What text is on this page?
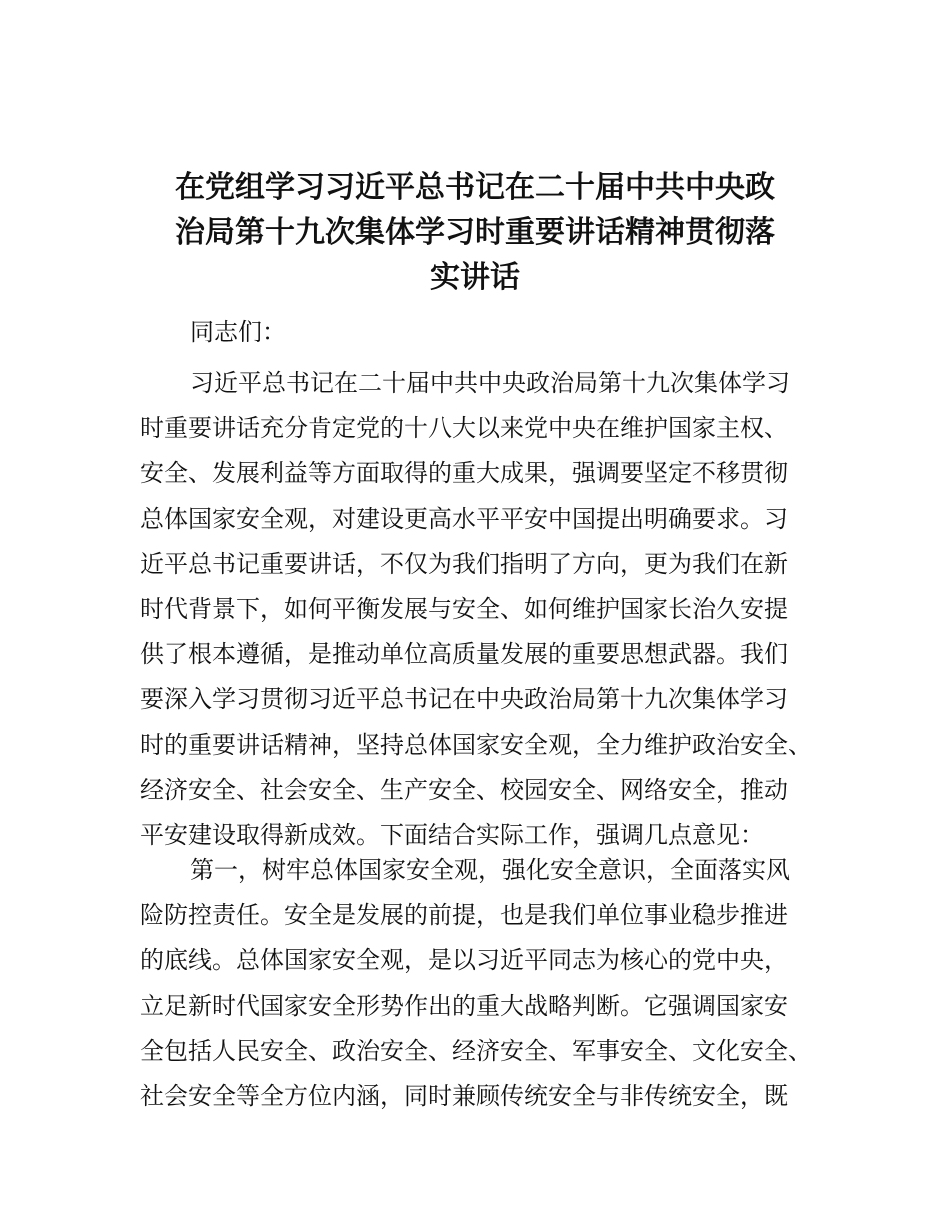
在党组学习习近平总书记在二十届中共中央政
治局第十九次集体学习时重要讲话精神贯彻落
实讲话

同志们：

习近平总书记在二十届中共中央政治局第十九次集体学习
时重要讲话充分肯定党的十八大以来党中央在维护国家主权、
安全、发展利益等方面取得的重大成果，强调要坚定不移贯彻
总体国家安全观，对建设更高水平平安中国提出明确要求。习
近平总书记重要讲话，不仅为我们指明了方向，更为我们在新
时代背景下，如何平衡发展与安全、如何维护国家长治久安提
供了根本遵循，是推动单位高质量发展的重要思想武器。我们
要深入学习贯彻习近平总书记在中央政治局第十九次集体学习
时的重要讲话精神，坚持总体国家安全观，全力维护政治安全、
经济安全、社会安全、生产安全、校园安全、网络安全，推动
平安建设取得新成效。下面结合实际工作，强调几点意见：

第一，树牢总体国家安全观，强化安全意识，全面落实风
险防控责任。安全是发展的前提，也是我们单位事业稳步推进
的底线。总体国家安全观，是以习近平同志为核心的党中央，
立足新时代国家安全形势作出的重大战略判断。它强调国家安
全包括人民安全、政治安全、经济安全、军事安全、文化安全、
社会安全等全方位内涵，同时兼顾传统安全与非传统安全，既
